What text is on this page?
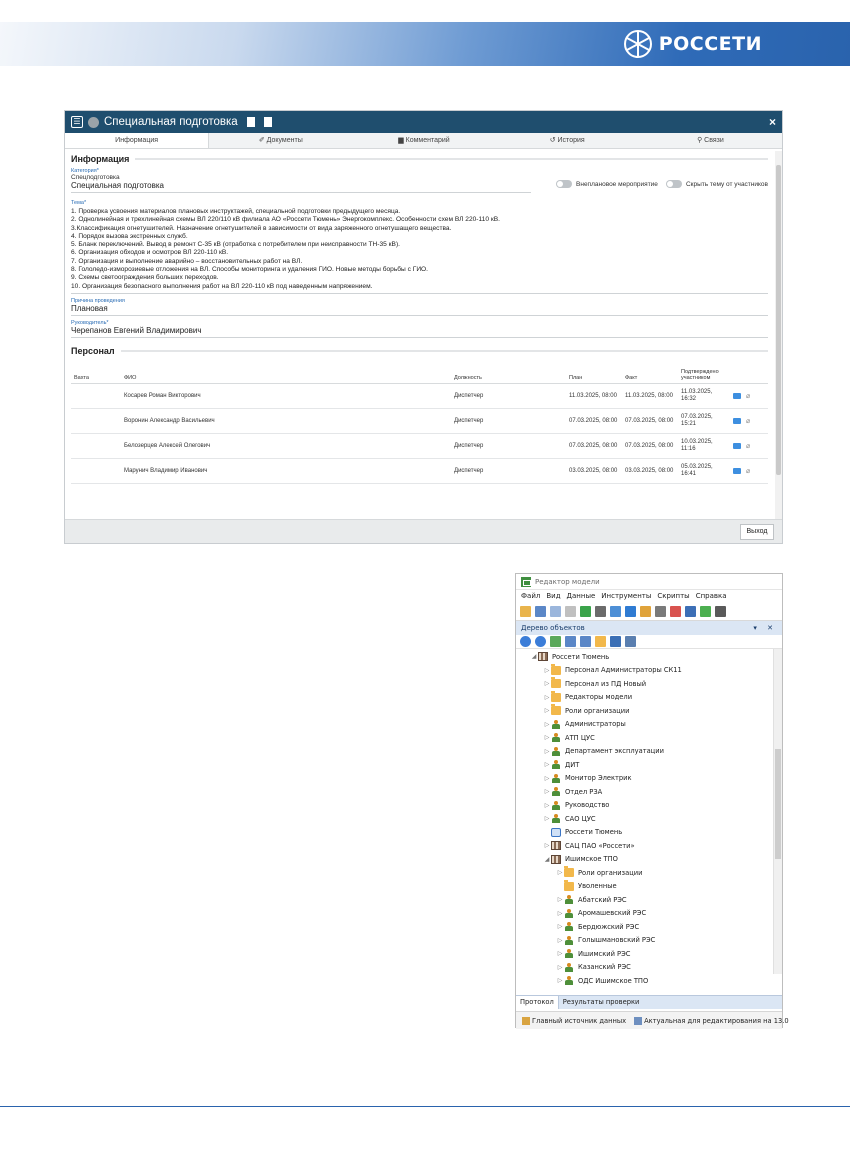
РОССЕТИ
☰ Специальная подготовка	×
Информация	✐ Документы	▆ Комментарий	↺ История	⚲ Связи
Информация
Категория*
Спецподготовка
Специальная подготовка	Внеплановое мероприятие	Скрыть тему от участников
Тема*
1. Проверка усвоения материалов плановых инструктажей, специальной подготовки предыдущего месяца.
2. Однолинейная и трехлинейная схемы ВЛ 220/110 кВ филиала АО «Россети Тюмень» Энергокомплекс. Особенности схем ВЛ 220-110 кВ.
3.Классификация огнетушителей. Назначение огнетушителей в зависимости от вида заряженного огнетушащего вещества.
4. Порядок вызова экстренных служб.
5. Бланк переключений. Вывод в ремонт С-35 кВ (отработка с потребителем при неисправности ТН-35 кВ).
6. Организация обходов и осмотров ВЛ 220-110 кВ.
7. Организация и выполнение аварийно – восстановительных работ на ВЛ.
8. Гололедо-изморозиевые отложения на ВЛ. Способы мониторинга и удаления ГИО. Новые методы борьбы с ГИО.
9. Схемы светоограждения больших переходов.
10. Организация безопасного выполнения работ на ВЛ 220-110 кВ под наведенным напряжением.
Причина проведения
Плановая
Руководитель*
Черепанов Евгений Владимирович
Персонал
Вахта	ФИО	Должность	План	Факт	Подтверждено участником	
	Косарев Роман Викторович	Диспетчер	11.03.2025, 08:00	11.03.2025, 08:00	11.03.2025, 16:32	⌀

	Воронин Александр Васильевич	Диспетчер	07.03.2025, 08:00	07.03.2025, 08:00	07.03.2025, 15:21	⌀

	Белозерцев Алексей Олегович	Диспетчер	07.03.2025, 08:00	07.03.2025, 08:00	10.03.2025, 11:16	⌀

	Марунич Владимир Иванович	Диспетчер	03.03.2025, 08:00	03.03.2025, 08:00	05.03.2025, 16:41	⌀
Выход
Редактор модели
Файл Вид Данные Инструменты Скрипты Справка
Дерево объектов	▾ ✕
◢ Россети Тюмень
▷ Персонал Администраторы СК11
▷ Персонал из ПД Новый
▷ Редакторы модели
▷ Роли организации
▷ Администраторы
▷ АТП ЦУС
▷ Департамент эксплуатации
▷ ДИТ
▷ Монитор Электрик
▷ Отдел РЗА
▷ Руководство
▷ САО ЦУС
Россети Тюмень
▷ САЦ ПАО «Россети»
◢ Ишимское ТПО
▷ Роли организации
Уволенные
▷ Абатский РЭС
▷ Аромашевский РЭС
▷ Бердюжский РЭС
▷ Голышмановский РЭС
▷ Ишимский РЭС
▷ Казанский РЭС
▷ ОДС Ишимское ТПО
Протокол	Результаты проверки
Главный источник данных	Актуальная для редактирования на 13.0
